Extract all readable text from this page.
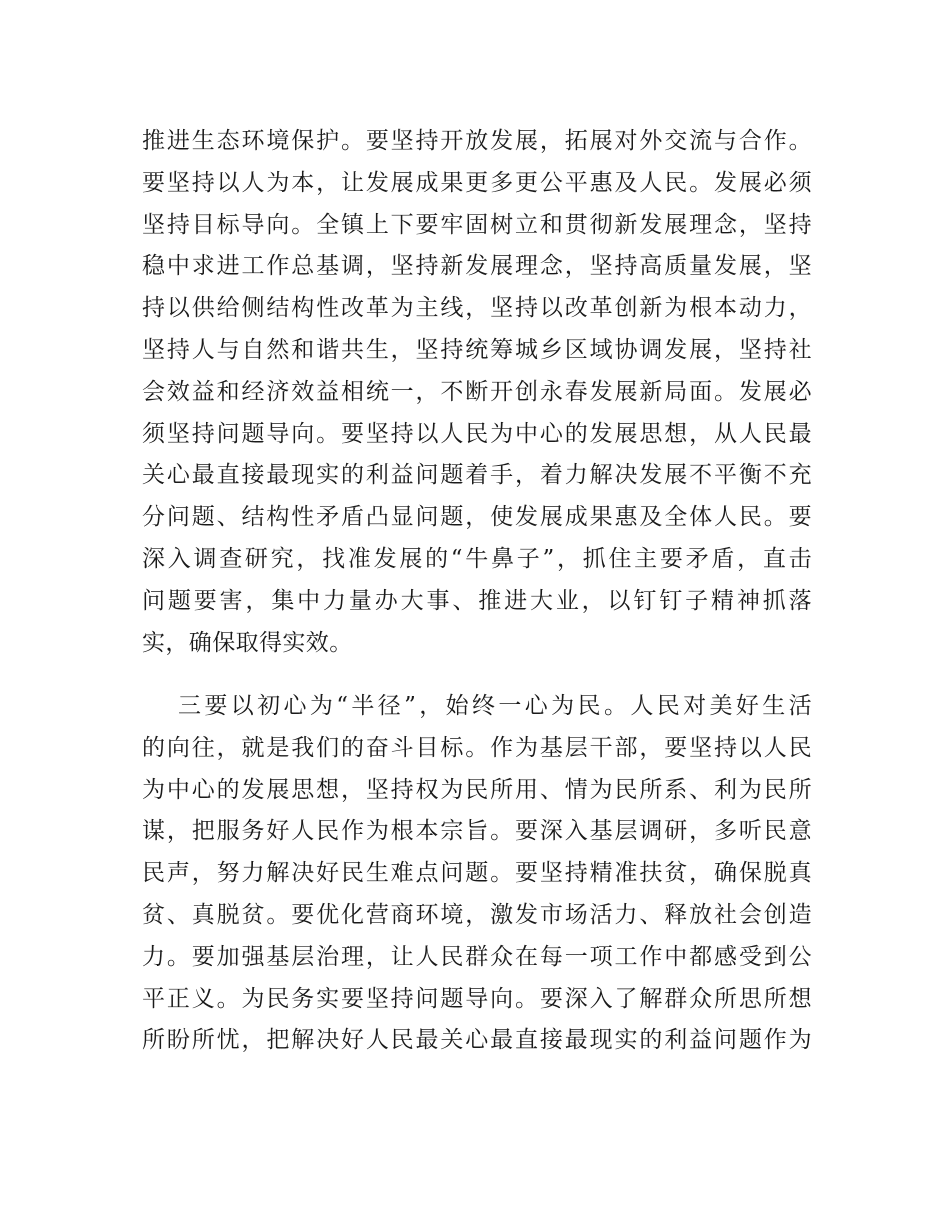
推进生态环境保护。要坚持开放发展，拓展对外交流与合作。
要坚持以人为本，让发展成果更多更公平惠及人民。发展必须
坚持目标导向。全镇上下要牢固树立和贯彻新发展理念，坚持
稳中求进工作总基调，坚持新发展理念，坚持高质量发展，坚
持以供给侧结构性改革为主线，坚持以改革创新为根本动力，
坚持人与自然和谐共生，坚持统筹城乡区域协调发展，坚持社
会效益和经济效益相统一，不断开创永春发展新局面。发展必
须坚持问题导向。要坚持以人民为中心的发展思想，从人民最
关心最直接最现实的利益问题着手，着力解决发展不平衡不充
分问题、结构性矛盾凸显问题，使发展成果惠及全体人民。要
深入调查研究，找准发展的“牛鼻子”，抓住主要矛盾，直击
问题要害，集中力量办大事、推进大业，以钉钉子精神抓落
实，确保取得实效。
三要以初心为“半径”，始终一心为民。人民对美好生活
的向往，就是我们的奋斗目标。作为基层干部，要坚持以人民
为中心的发展思想，坚持权为民所用、情为民所系、利为民所
谋，把服务好人民作为根本宗旨。要深入基层调研，多听民意
民声，努力解决好民生难点问题。要坚持精准扶贫，确保脱真
贫、真脱贫。要优化营商环境，激发市场活力、释放社会创造
力。要加强基层治理，让人民群众在每一项工作中都感受到公
平正义。为民务实要坚持问题导向。要深入了解群众所思所想
所盼所忧，把解决好人民最关心最直接最现实的利益问题作为
